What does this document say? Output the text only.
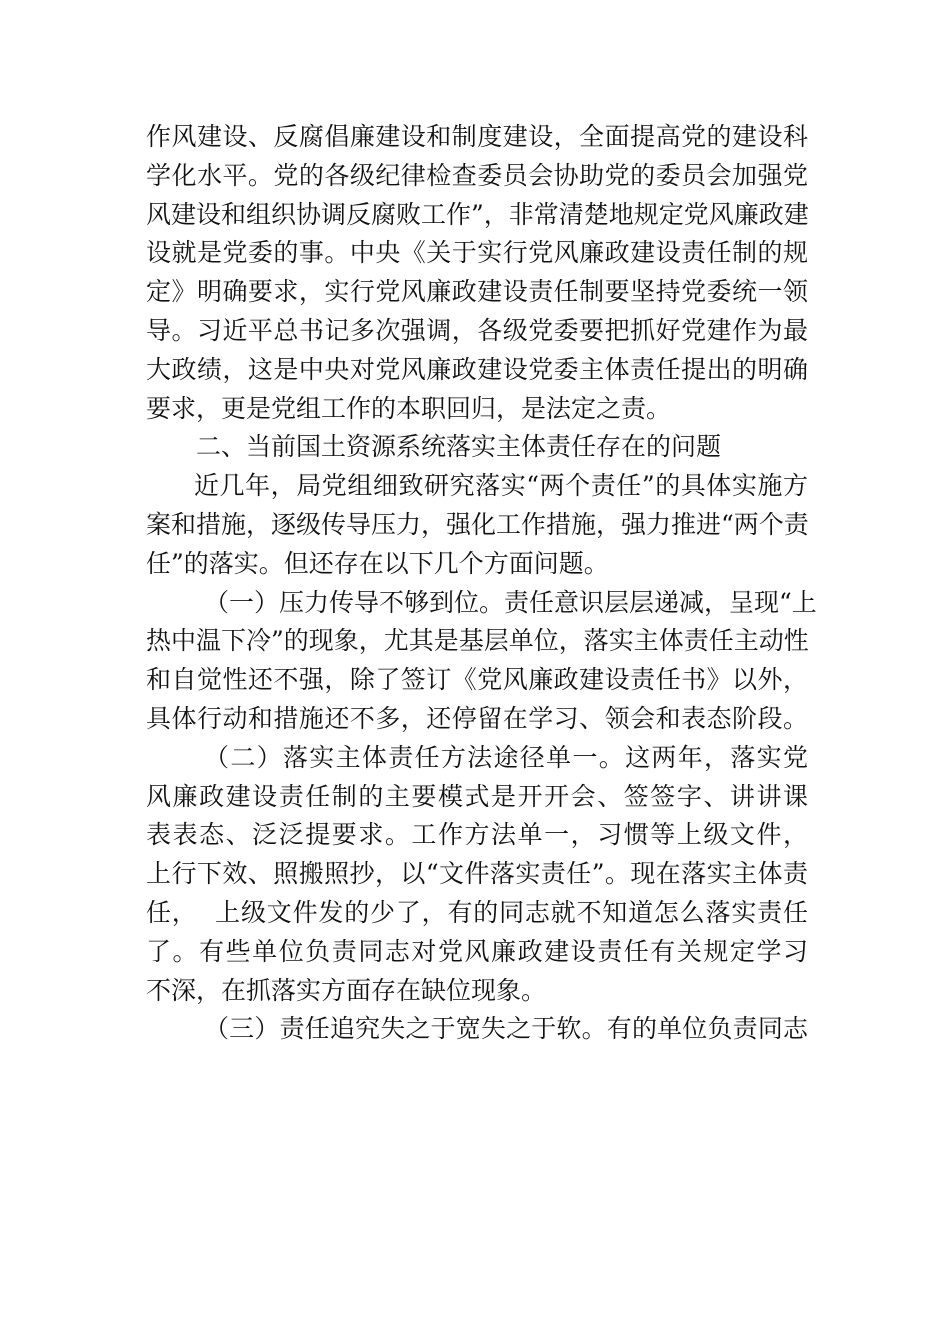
作风建设、反腐倡廉建设和制度建设，全面提高党的建设科
学化水平。党的各级纪律检查委员会协助党的委员会加强党
风建设和组织协调反腐败工作”，非常清楚地规定党风廉政建
设就是党委的事。中央《关于实行党风廉政建设责任制的规
定》明确要求，实行党风廉政建设责任制要坚持党委统一领
导。习近平总书记多次强调，各级党委要把抓好党建作为最
大政绩，这是中央对党风廉政建设党委主体责任提出的明确
要求，更是党组工作的本职回归，是法定之责。
二、当前国土资源系统落实主体责任存在的问题
近几年，局党组细致研究落实“两个责任”的具体实施方
案和措施，逐级传导压力，强化工作措施，强力推进“两个责
任”的落实。但还存在以下几个方面问题。
（一）压力传导不够到位。责任意识层层递减，呈现“上
热中温下冷”的现象，尤其是基层单位，落实主体责任主动性
和自觉性还不强，除了签订《党风廉政建设责任书》以外，
具体行动和措施还不多，还停留在学习、领会和表态阶段。
（二）落实主体责任方法途径单一。这两年，落实党
风廉政建设责任制的主要模式是开开会、签签字、讲讲课
表表态、泛泛提要求。工作方法单一，习惯等上级文件，
上行下效、照搬照抄，以“文件落实责任”。现在落实主体责
任，  上级文件发的少了，有的同志就不知道怎么落实责任
了。有些单位负责同志对党风廉政建设责任有关规定学习
不深，在抓落实方面存在缺位现象。
（三）责任追究失之于宽失之于软。有的单位负责同志
